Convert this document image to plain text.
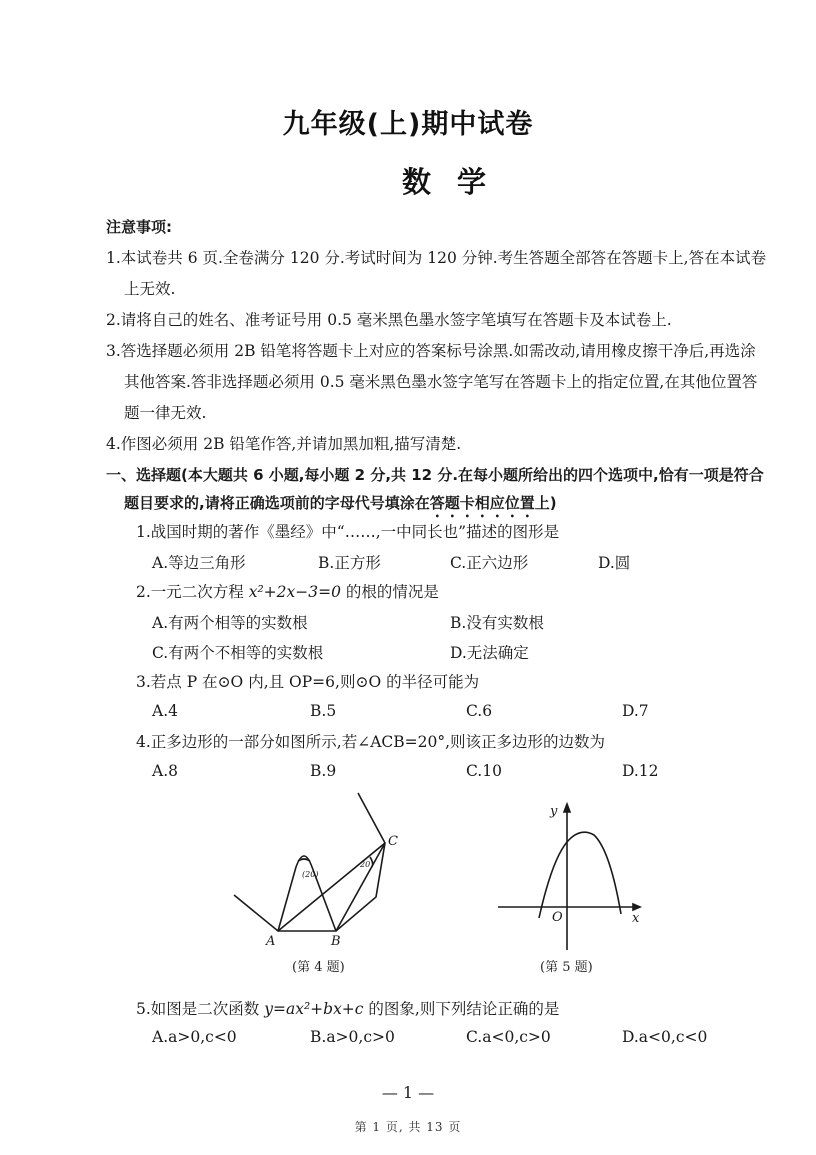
九年级(上)期中试卷
数学
注意事项:
1.本试卷共 6 页.全卷满分 120 分.考试时间为 120 分钟.考生答题全部答在答题卡上,答在本试卷
上无效.
2.请将自己的姓名、准考证号用 0.5 毫米黑色墨水签字笔填写在答题卡及本试卷上.
3.答选择题必须用 2B 铅笔将答题卡上对应的答案标号涂黑.如需改动,请用橡皮擦干净后,再选涂
其他答案.答非选择题必须用 0.5 毫米黑色墨水签字笔写在答题卡上的指定位置,在其他位置答
题一律无效.
4.作图必须用 2B 铅笔作答,并请加黑加粗,描写清楚.
一、选择题(本大题共 6 小题,每小题 2 分,共 12 分.在每小题所给出的四个选项中,恰有一项是符合
题目要求的,请将正确选项前的字母代号填涂在答题卡相应位置上)
1.战国时期的著作《墨经》中“……,一中同长也”描述的图形是
A.等边三角形	B.正方形	C.正六边形	D.圆
2.一元二次方程 x²+2x−3=0 的根的情况是
A.有两个相等的实数根	B.没有实数根
C.有两个不相等的实数根	D.无法确定
3.若点 P 在⊙O 内,且 OP=6,则⊙O 的半径可能为
A.4	B.5	C.6	D.7
4.正多边形的一部分如图所示,若∠ACB=20°,则该正多边形的边数为
A.8	B.9	C.10	D.12
(20)
20
A	B
C
(第 4 题)
y
x
O
(第 5 题)
5.如图是二次函数 y=ax²+bx+c 的图象,则下列结论正确的是
A.a>0,c<0	B.a>0,c>0	C.a<0,c>0	D.a<0,c<0
— 1 —
第 1 页, 共 13 页
